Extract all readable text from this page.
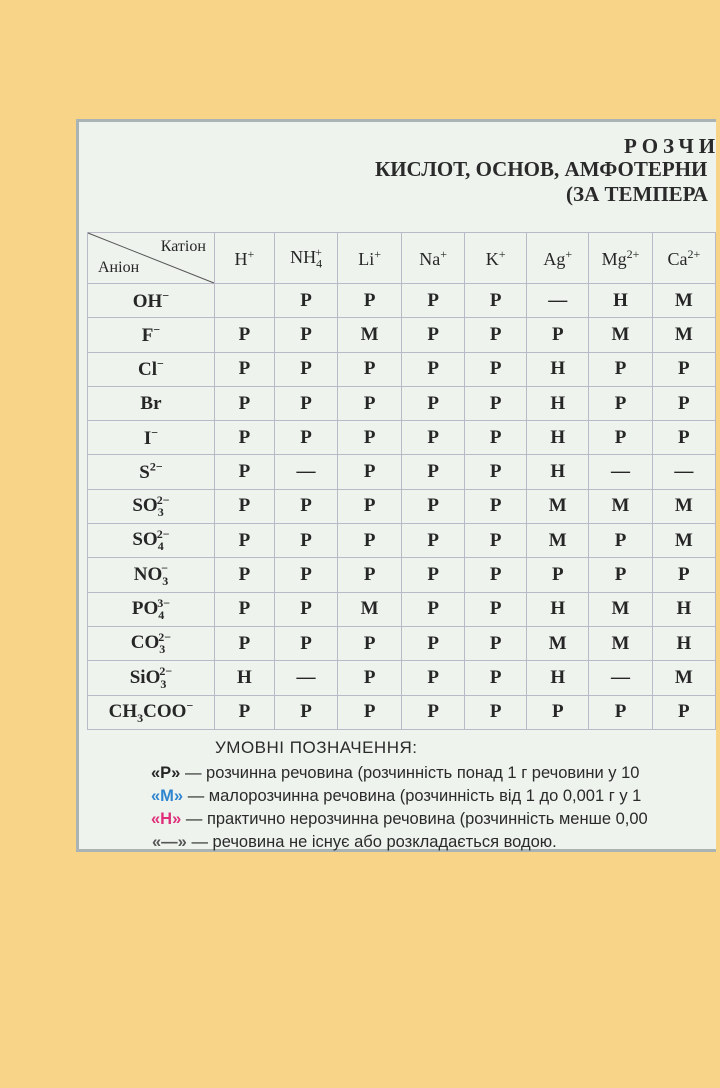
РОЗЧИ
КИСЛОТ, ОСНОВ, АМФОТЕРНИ
(ЗА ТЕМПЕРА
Катіон
Аніон	H+	$NH_4^+$	Li+	Na+	K+	Ag+	$Mg^{2+}$	$Ca^{2+}$
OH−		Р	Р	Р	Р	—	Н	М
F−	Р	Р	М	Р	Р	Р	М	М
Cl−	Р	Р	Р	Р	Р	Н	Р	Р
Br	Р	Р	Р	Р	Р	Н	Р	Р
I−	Р	Р	Р	Р	Р	Н	Р	Р
$S^{2-}$	Р	—	Р	Р	Р	Н	—	—
$SO_3^{2-}$	Р	Р	Р	Р	Р	М	М	М
$SO_4^{2-}$	Р	Р	Р	Р	Р	М	Р	М
$NO_3^-$	Р	Р	Р	Р	Р	Р	Р	Р
$PO_4^{3-}$	Р	Р	М	Р	Р	Н	М	Н
$CO_3^{2-}$	Р	Р	Р	Р	Р	М	М	Н
SiO$_3^{2-}$	Н	—	Р	Р	Р	Н	—	М
$CH_3COO^-$	Р	Р	Р	Р	Р	Р	Р	Р
УМОВНІ ПОЗНАЧЕННЯ:
«Р» — розчинна речовина (розчинність понад 1 г речовини у 10
«М» — малорозчинна речовина (розчинність від 1 до 0,001 г у 1
«Н» — практично нерозчинна речовина (розчинність менше 0,00
«—» — речовина не існує або розкладається водою.
